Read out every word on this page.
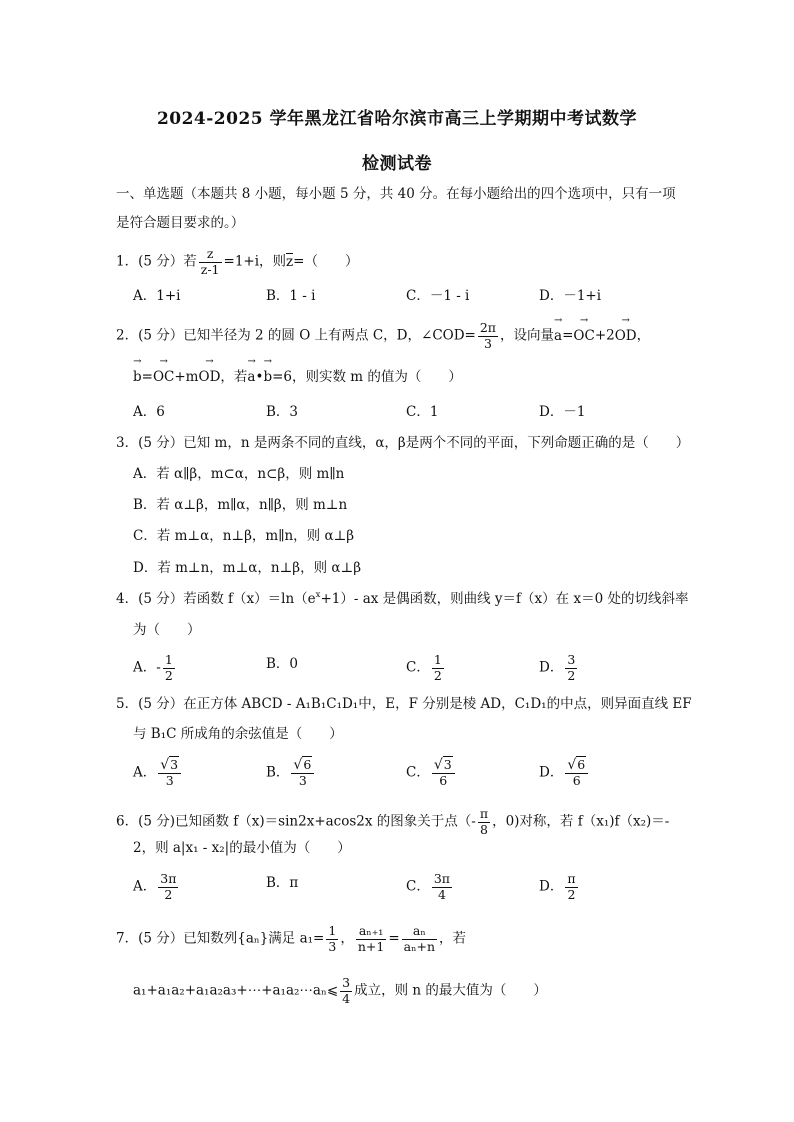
2024-2025 学年黑龙江省哈尔滨市高三上学期期中考试数学
检测试卷
一、单选题（本题共 8 小题，每小题 5 分，共 40 分。在每小题给出的四个选项中，只有一项
是符合题目要求的。）
1．(5 分）若 $\frac{z}{z-1} =1+i$，则z=（　　）
A．1+i	B．1 - i	C．－1 - i	D．－1+i
2．(5 分）已知半径为 2 的圆 O 上有两点 C，D，∠COD= $\frac{2\pi}{3}$ ，设向量→ a=→ OC+2→ OD，
→ b=→ OC+m→ OD，若→ a•→ b=6，则实数 m 的值为（　　）
A．6	B．3	C．1	D．－1
3．(5 分）已知 m，n 是两条不同的直线，α，β是两个不同的平面，下列命题正确的是（　　）
A．若 α∥β，m⊂α，n⊂β，则 m∥n
B．若 α⊥β，m∥α，n∥β，则 m⊥n
C．若 m⊥α，n⊥β，m∥n，则 α⊥β
D．若 m⊥n，m⊥α，n⊥β，则 α⊥β
4．(5 分）若函数 $f(x)=\ln(e^x+1)-$ ax 是偶函数，则曲线 y＝f（x）在 x＝0 处的切线斜率
为（　　）
A．- $\frac{1}{2}$	B．0	C． $\frac{1}{2}$	D． $\frac{3}{2}$
5．(5 分）在正方体 ABCD - A₁B₁C₁D₁中，E，F 分别是棱 AD，C₁D₁的中点，则异面直线 EF
与 B₁C 所成角的余弦值是（　　）
A． $\frac{√3}{3}$	B． $\frac{√6}{3}$	C． $\frac{√3}{6}$	D． $\frac{√6}{6}$
6．(5 分)已知函数 f（x)＝sin2x+acos2x 的图象关于点（- $\frac{\pi}{8}$ ，0)对称，若 f（x₁)f（x₂)＝-
2，则 a|x₁ - x₂|的最小值为（　　）
A． $\frac{3\pi}{2}$	B．π	C． $\frac{3\pi}{4}$	D． $\frac{\pi}{2}$
7．(5 分）已知数列{aₙ}满足 $a_1= \frac{1}{3}$ ， $\frac{\text{aₙ₊₁}}{n+1} = \frac{\text{aₙ}}{\text{aₙ+n}}$ ，若
a₁+a₁a₂+a₁a₂a₃+⋯+a₁a₂⋯aₙ⩽ $\frac{3}{4}$ 成立，则 n 的最大值为（　　）
